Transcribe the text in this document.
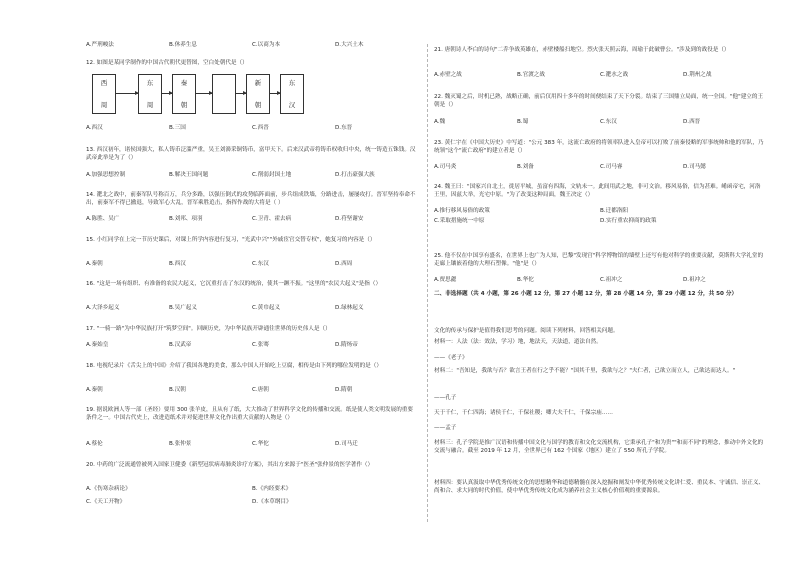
A.严刑峻法	B.休养生息	C.以商为本	D.大兴土木
12. 如图是某同学制作的中国古代朝代更替图，空白处朝代是（）
西
周
东
周
秦
朝
新
朝
东
汉
A.西汉	B.三国	C.西晋	D.东晋
13. 西汉初年，诸侯国强大，私人铸币泛滥严重，吴王刘濞采铜铸币，富甲天下。后来汉武帝将铸币权收归中央，统一铸造五铢钱。汉武帝此举是为了（）
A.加强思想控制	B.解决王国问题	C.削弱封国土地	D.打击豪强大族
14. 淝北之战中，前秦军队号称百万，兵分多路，以强压倒式的攻势临阵面前，步兵组成铁墙，分路进击，屡屡攻打。晋军坚持奉命不出，前秦军不得已撤退，导致军心大乱，晋军乘胜追击，指挥作战的大将是（ ）
A.陈胜、吴广	B.刘邦、项羽	C.卫青、霍去病	D.苻坚谢安
15. 小红同学在上完一节历史课后，对课上所学内容进行复习，"光武中兴""外戚宦官交替专权"，她复习的内容是（）
A.秦朝	B.西汉	C.东汉	D.西周
16. "这是一场有组织、有准备的农民大起义，它沉重打击了东汉的统治，使其一蹶不振。"这里的"农民大起义"是指（）
A.大泽乡起义	B.吴广起义	C.黄巾起义	D.绿林起义
17. "一骑一路"为中华民族打开"筑梦空间"。回顾历史，为中华民族开辟通往世界的历史伟人是（）
A.秦始皇	B.汉武帝	C.张骞	D.隋炀帝
18. 电视纪录片《舌尖上的中国》介绍了我国各地的美食，那么中国人开始吃上豆腐，相传是由下列的哪位发明的是（）
A.秦朝	B.汉朝	C.唐朝	D.隋朝
19. 据说欧洲人等一部（圣经）要用 300 张羊皮，且从有了纸，大大推动了世界科学文化的传播和交流。纸是使人类文明发展的重要条件之一。中国古代史上，改进造纸术并对促进世界文化作出重大贡献的人物是（）
A.蔡伦	B.张仲景	C.华佗	D.司马迁
20. 中药的广泛流通曾被列入国家卫健委《新型冠状病毒肺炎诊疗方案》，其出方来源于"医圣"张仲景的医学著作（）
A.《伤寒杂病论》	B.《内经要术》
C.《天工开物》	D.《本草纲目》
21. 唐朝诗人李白的诗句"二乔争战英雄在，赤壁楼船扫地空。烈火张天照云海，周瑜于此破曹公。"涉及到的战役是（）
A.赤壁之战	B.官渡之战	C.淝水之战	D.荆州之战
22. 魏灭蜀之后，时机已熟，战略正确，前后仅用四十多年的时间便结束了天下分裂。结束了三国鼎立局面，统一全国。"他"建立的王朝是（）
A.魏	B.蜀	C.东汉	D.西晋
23. 黄仁宇在《中国大历史》中写道："公元 383 年，这流亡政府的将领率队进入皇帝可以打败了前秦侵略的军事统帅和他的军队，乃统领"这个"流亡政府"的建立者是（）
A.司马炎	B.刘备	C.司马睿	D.司马懿
24. 魏王曰："国家兴自北土，徙居平城，虽富有四海，文轨未一。此间用武之地，非可文治。移风易俗，信为甚难。崤函帝宅，河洛王里，因兹大举，光宅中原。"为了改变这种局面，魏王决定（）
A.推行移风易俗的政策	B.迁都洛阳
C.采取措施统一中原	D.实行重农抑商的政策
25. 他不仅在中国享有盛名，在世界上也广为人知，巴黎"发现宫"科学博物馆的墙壁上还写有他对科学的重要贡献，莫斯科大学礼堂的走廊上镶嵌着他的大理石塑像。"他"是（）
A.贾思勰	B.华佗	C.祖冲之	D.祖冲之
二、非选择题（共 4 小题，第 26 小题 12 分，第 27 小题 12 分，第 28 小题 14 分，第 29 小题 12 分，共 50 分）
文化的传承与保护是值得我们思考的问题。阅读下列材料，回答相关问题。
材料一：人法（法：效法，学习）地，地法天，天法道，道法自然。
——《老子》
材料二："吾知是，我欲与否？欲言王者在行之乎不能？"国其千里，我欲与之？"夫仁者，己欲立而立人，己欲达而达人。"
——孔子
天于千仁，千仁四海；诸侯千仁，千保社稷；卿大夫千仁，千保宗庙……
——孟子
材料三：孔子学院是推广汉语和传播中国文化与国学的教育和文化交流机构，它秉承孔子"和为贵""和而不同"的理念，推动中外文化的交流与融合。截至 2019 年 12 月，全世界已有 162 个国家（地区）建立了 550 所孔子学院。
材料四：要认真汲取中华优秀传统文化的思想精华和道德精髓在深入挖掘和阐发中华优秀传统文化讲仁爱、重民本、守诚信、崇正义、尚和合、求大同的时代价值，使中华优秀传统文化成为涵养社会主义核心价值观的重要源泉。
